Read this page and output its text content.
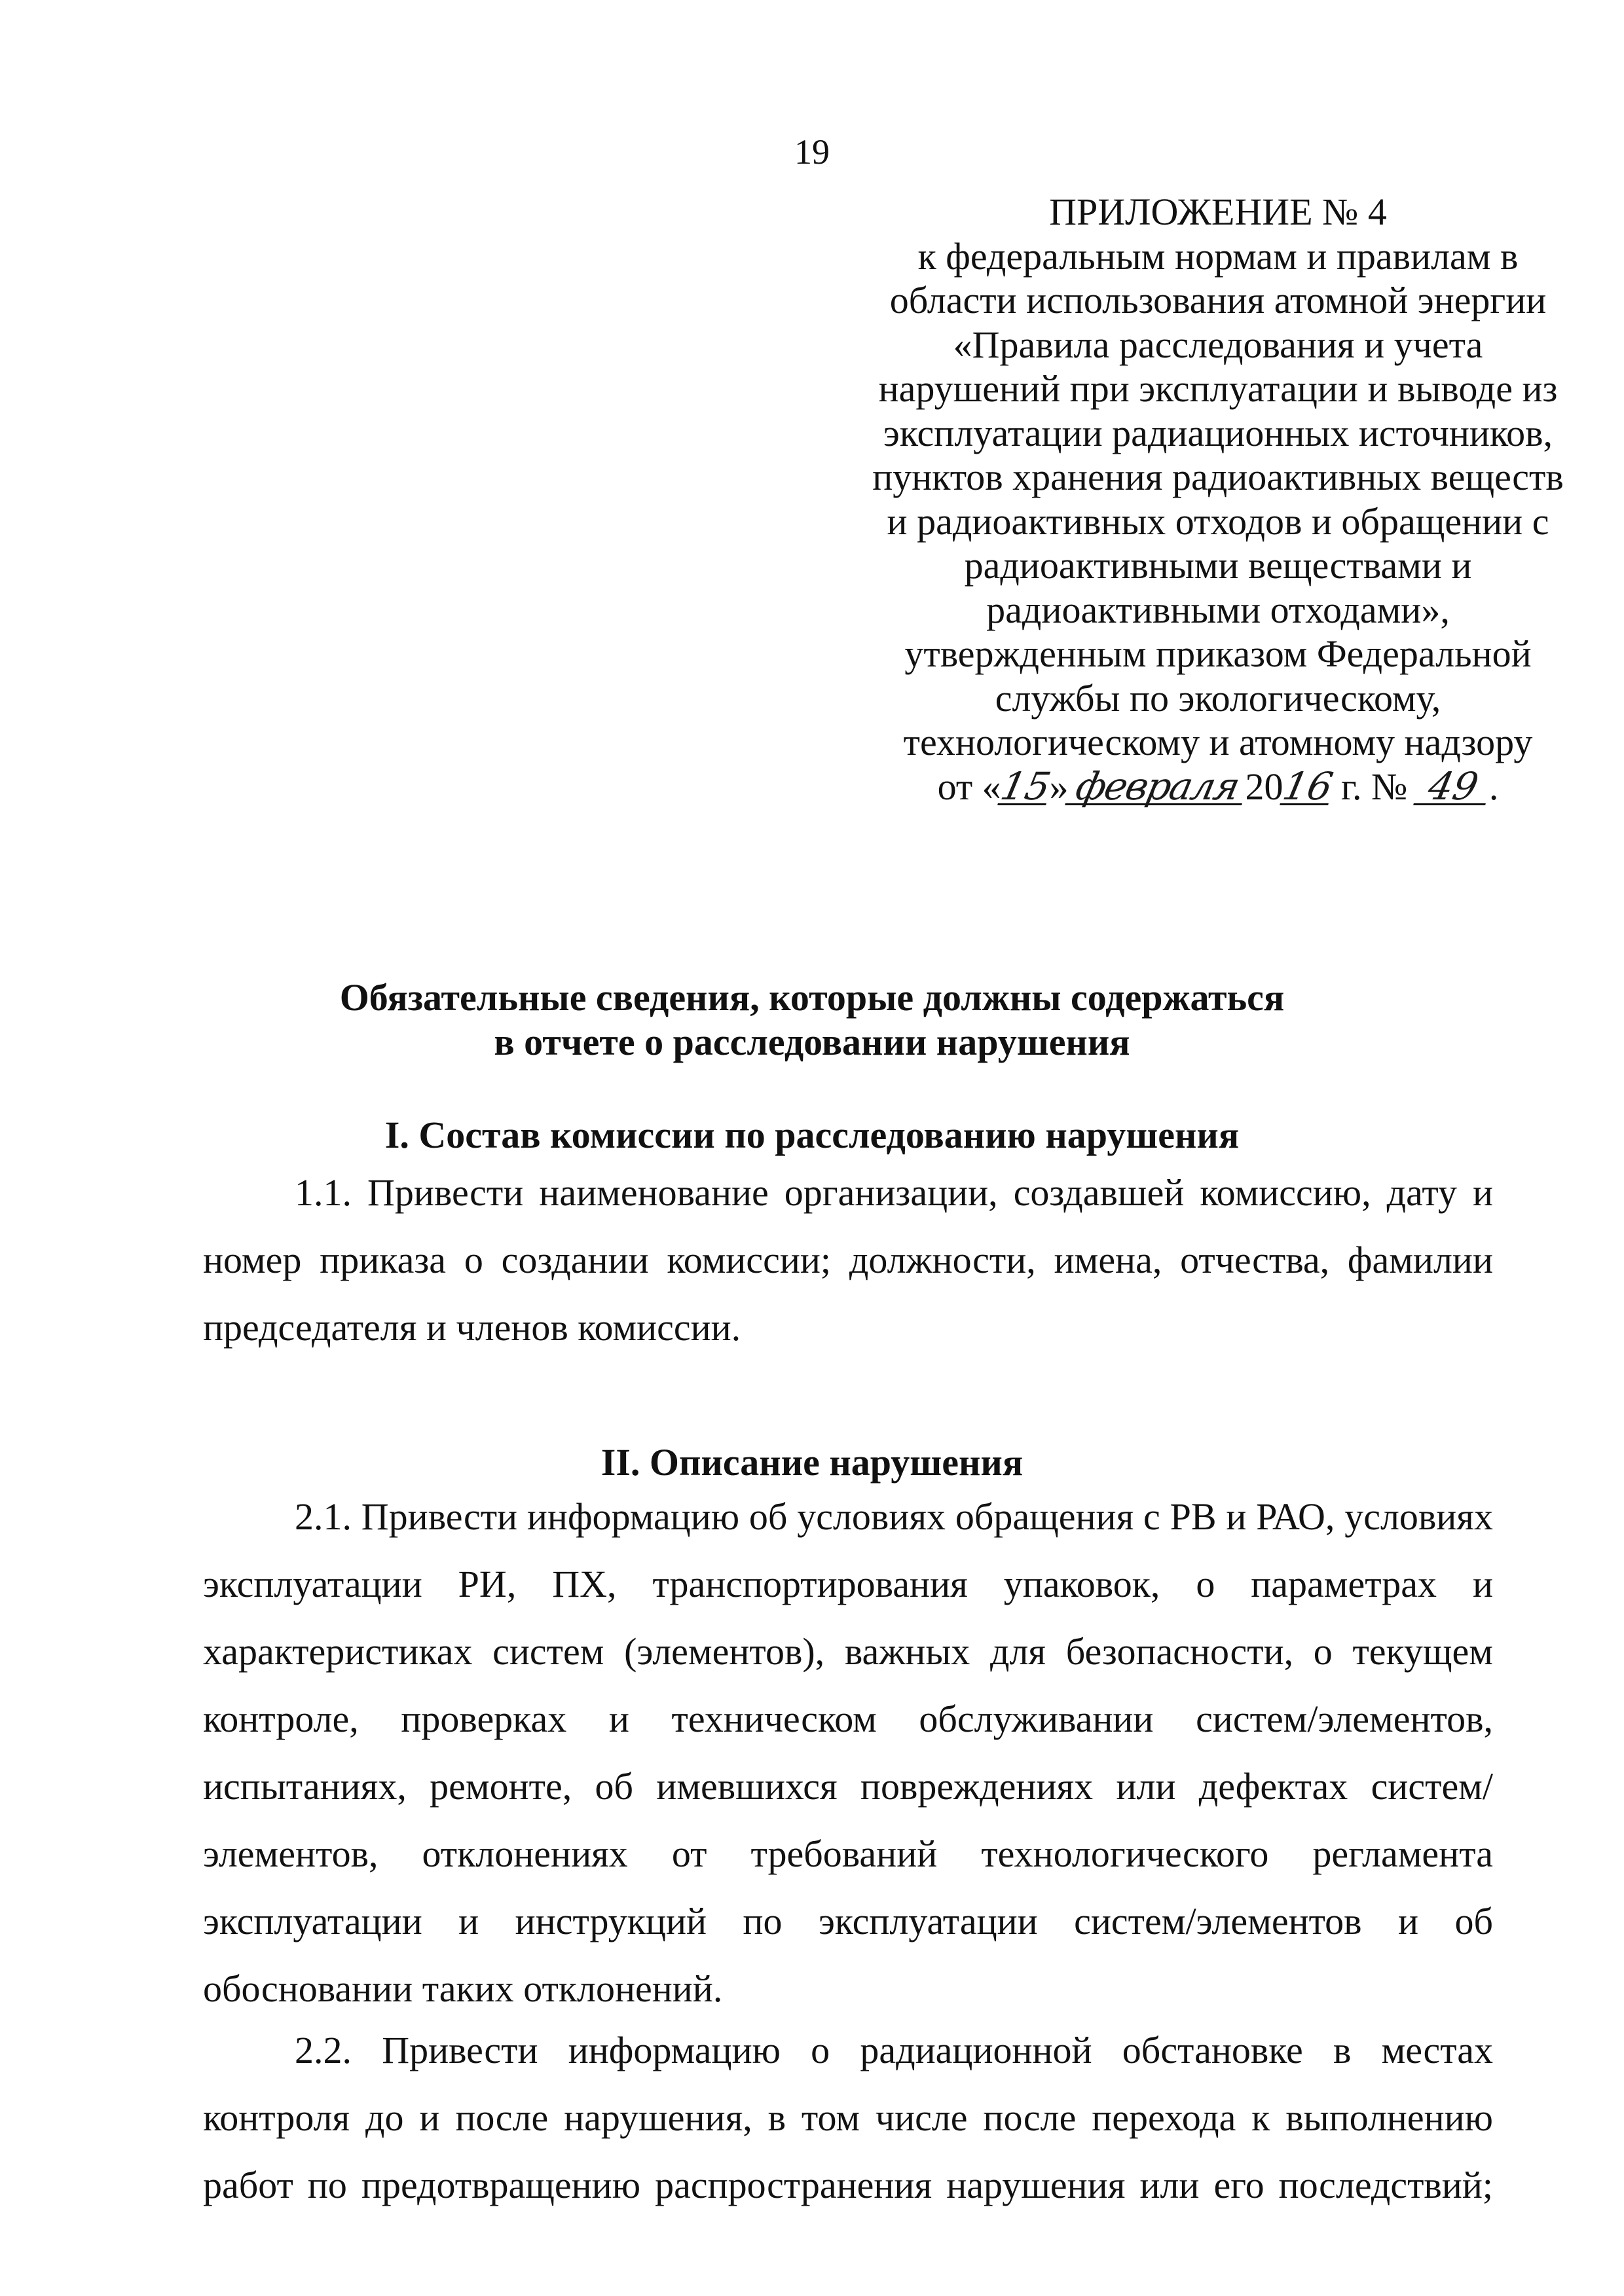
19
ПРИЛОЖЕНИЕ № 4
к федеральным нормам и правилам в
области использования атомной энергии
«Правила расследования и учета
нарушений при эксплуатации и выводе из
эксплуатации радиационных источников,
пунктов хранения радиоактивных веществ
и радиоактивных отходов и обращении с
радиоактивными веществами и
радиоактивными отходами»,
утвержденным приказом Федеральной
службы по экологическому,
технологическому и атомному надзору
от «15»февраля2016 г. № 49 .
Обязательные сведения, которые должны содержаться
в отчете о расследовании нарушения
I. Состав комиссии по расследованию нарушения
1.1. Привести наименование организации, создавшей комиссию, дату и номер приказа о создании комиссии; должности, имена, отчества, фамилии председателя и членов комиссии.
II. Описание нарушения
2.1. Привести информацию об условиях обращения с РВ и РАО, условиях эксплуатации РИ, ПХ, транспортирования упаковок, о параметрах и характеристиках систем (элементов), важных для безопасности, о текущем контроле, проверках и техническом обслуживании систем/элементов, испытаниях, ремонте, об имевшихся повреждениях или дефектах систем/элементов, отклонениях от требований технологического регламента эксплуатации и инструкций по эксплуатации систем/элементов и об обосновании таких отклонений.
2.2. Привести информацию о радиационной обстановке в местах контроля до и после нарушения, в том числе после перехода к выполнению работ по предотвращению распространения нарушения или его последствий;
